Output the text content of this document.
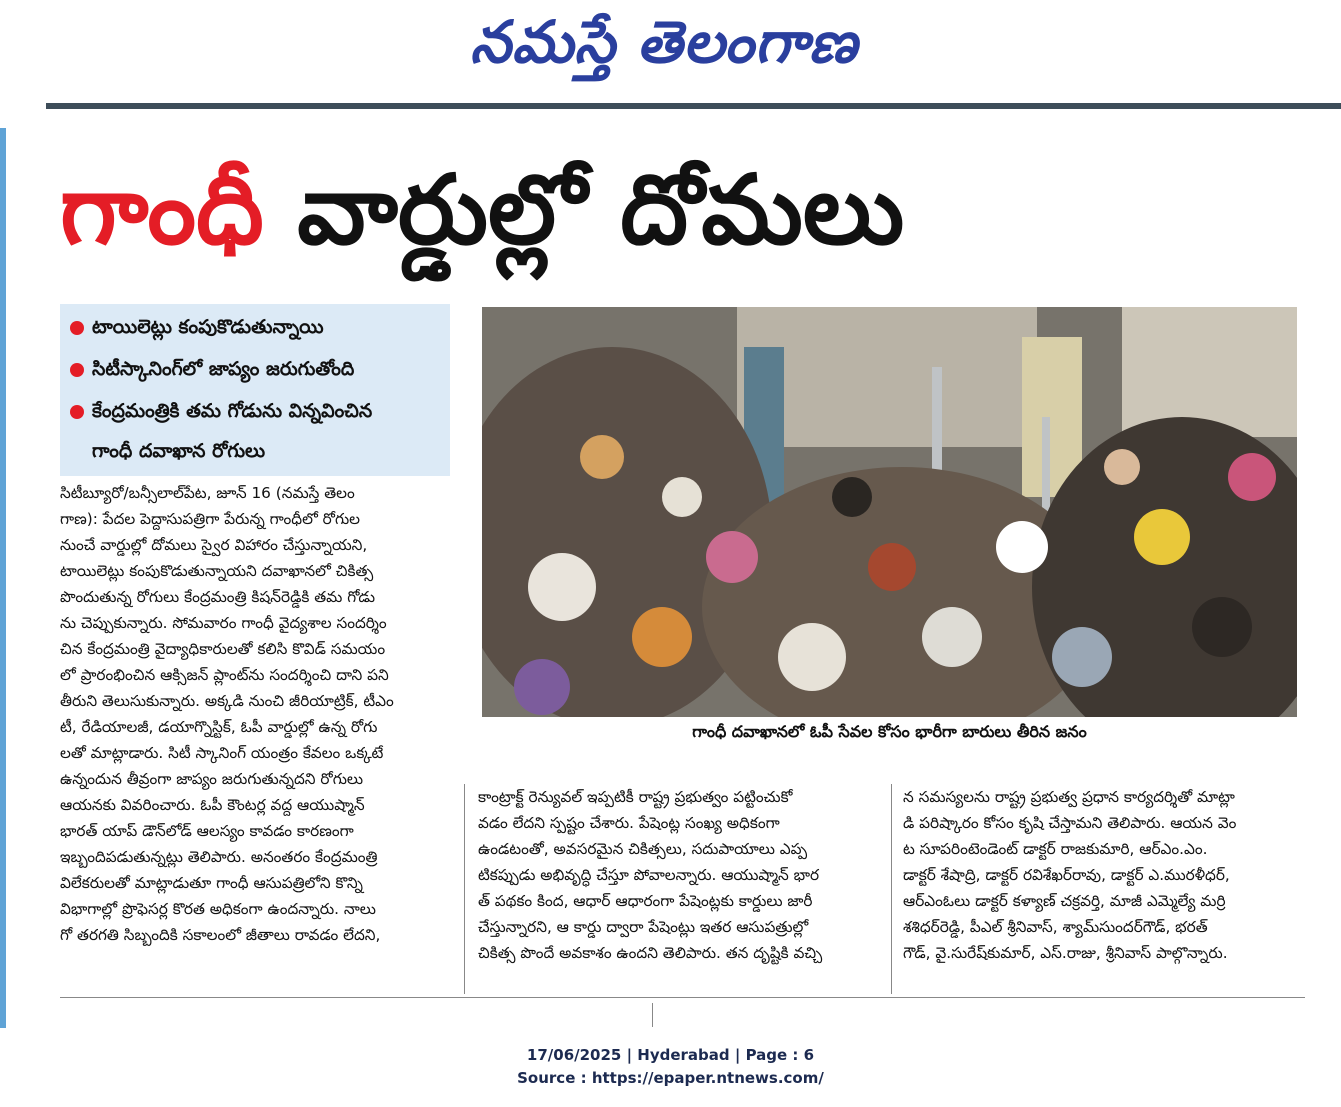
నమస్తే తెలంగాణ
గాంధీ వార్డుల్లో దోమలు
టాయిలెట్లు కంపుకొడుతున్నాయి
సిటీస్కానింగ్‌లో జాప్యం జరుగుతోంది
కేంద్రమంత్రికి తమ గోడును విన్నవించిన
గాంధీ దవాఖాన రోగులు
గాంధీ దవాఖానలో ఓపీ సేవల కోసం భారీగా బారులు తీరిన జనం

సిటీబ్యూరో/బన్సీలాల్‌పేట, జూన్ 16 (నమస్తే తెలం

గాణ): పేదల పెద్దాసుపత్రిగా పేరున్న గాంధీలో రోగుల

నుంచే వార్డుల్లో దోమలు స్వైర విహారం చేస్తున్నాయని,

టాయిలెట్లు కంపుకొడుతున్నాయని దవాఖానలో చికిత్స

పొందుతున్న రోగులు కేంద్రమంత్రి కిషన్‌రెడ్డికి తమ గోడు

ను చెప్పుకున్నారు. సోమవారం గాంధీ వైద్యశాల సందర్శిం

చిన కేంద్రమంత్రి వైద్యాధికారులతో కలిసి కొవిడ్ సమయం

లో ప్రారంభించిన ఆక్సిజన్ ప్లాంట్‌ను సందర్శించి దాని పని

తీరుని తెలుసుకున్నారు. అక్కడి నుంచి జీరియాట్రిక్, టీఎం

టీ, రేడియాలజీ, డయాగ్నొస్టిక్, ఓపీ వార్డుల్లో ఉన్న రోగు

లతో మాట్లాడారు. సిటీ స్కానింగ్ యంత్రం కేవలం ఒక్కటే

ఉన్నందున తీవ్రంగా జాప్యం జరుగుతున్నదని రోగులు

ఆయనకు వివరించారు. ఓపీ కౌంటర్ల వద్ద ఆయుష్మాన్

భారత్ యాప్ డౌన్‌లోడ్ ఆలస్యం కావడం కారణంగా

ఇబ్బందిపడుతున్నట్లు తెలిపారు. అనంతరం కేంద్రమంత్రి

విలేకరులతో మాట్లాడుతూ గాంధీ ఆసుపత్రిలోని కొన్ని

విభాగాల్లో ప్రొఫెసర్ల కొరత అధికంగా ఉందన్నారు. నాలు

గో తరగతి సిబ్బందికి సకాలంలో జీతాలు రావడం లేదని,

కాంట్రాక్ట్ రెన్యువల్ ఇప్పటికీ రాష్ట్ర ప్రభుత్వం పట్టించుకో

వడం లేదని స్పష్టం చేశారు. పేషెంట్ల సంఖ్య అధికంగా

ఉండటంతో, అవసరమైన చికిత్సలు, సదుపాయాలు ఎప్ప

టికప్పుడు అభివృద్ధి చేస్తూ పోవాలన్నారు. ఆయుష్మాన్ భార

త్ పథకం కింద, ఆధార్ ఆధారంగా పేషెంట్లకు కార్డులు జారీ

చేస్తున్నారని, ఆ కార్డు ద్వారా పేషెంట్లు ఇతర ఆసుపత్రుల్లో

చికిత్స పొందే అవకాశం ఉందని తెలిపారు. తన దృష్టికి వచ్చి

న సమస్యలను రాష్ట్ర ప్రభుత్వ ప్రధాన కార్యదర్శితో మాట్లా

డి పరిష్కారం కోసం కృషి చేస్తామని తెలిపారు. ఆయన వెం

ట సూపరింటెండెంట్ డాక్టర్ రాజకుమారి, ఆర్‌ఎం.ఎం.

డాక్టర్ శేషాద్రి, డాక్టర్ రవిశేఖర్‌రావు, డాక్టర్ ఎ.మురళీధర్,

ఆర్‌ఎంఓలు డాక్టర్ కళ్యాణ్ చక్రవర్తి, మాజీ ఎమ్మెల్యే మర్రి

శశిధర్‌రెడ్డి, పీఎల్ శ్రీనివాస్, శ్యామ్‌సుందర్‌గౌడ్, భరత్

గౌడ్, వై.సురేష్‌కుమార్, ఎస్.రాజు, శ్రీనివాస్ పాల్గొన్నారు.

17/06/2025 | Hyderabad | Page : 6
Source : https://epaper.ntnews.com/
